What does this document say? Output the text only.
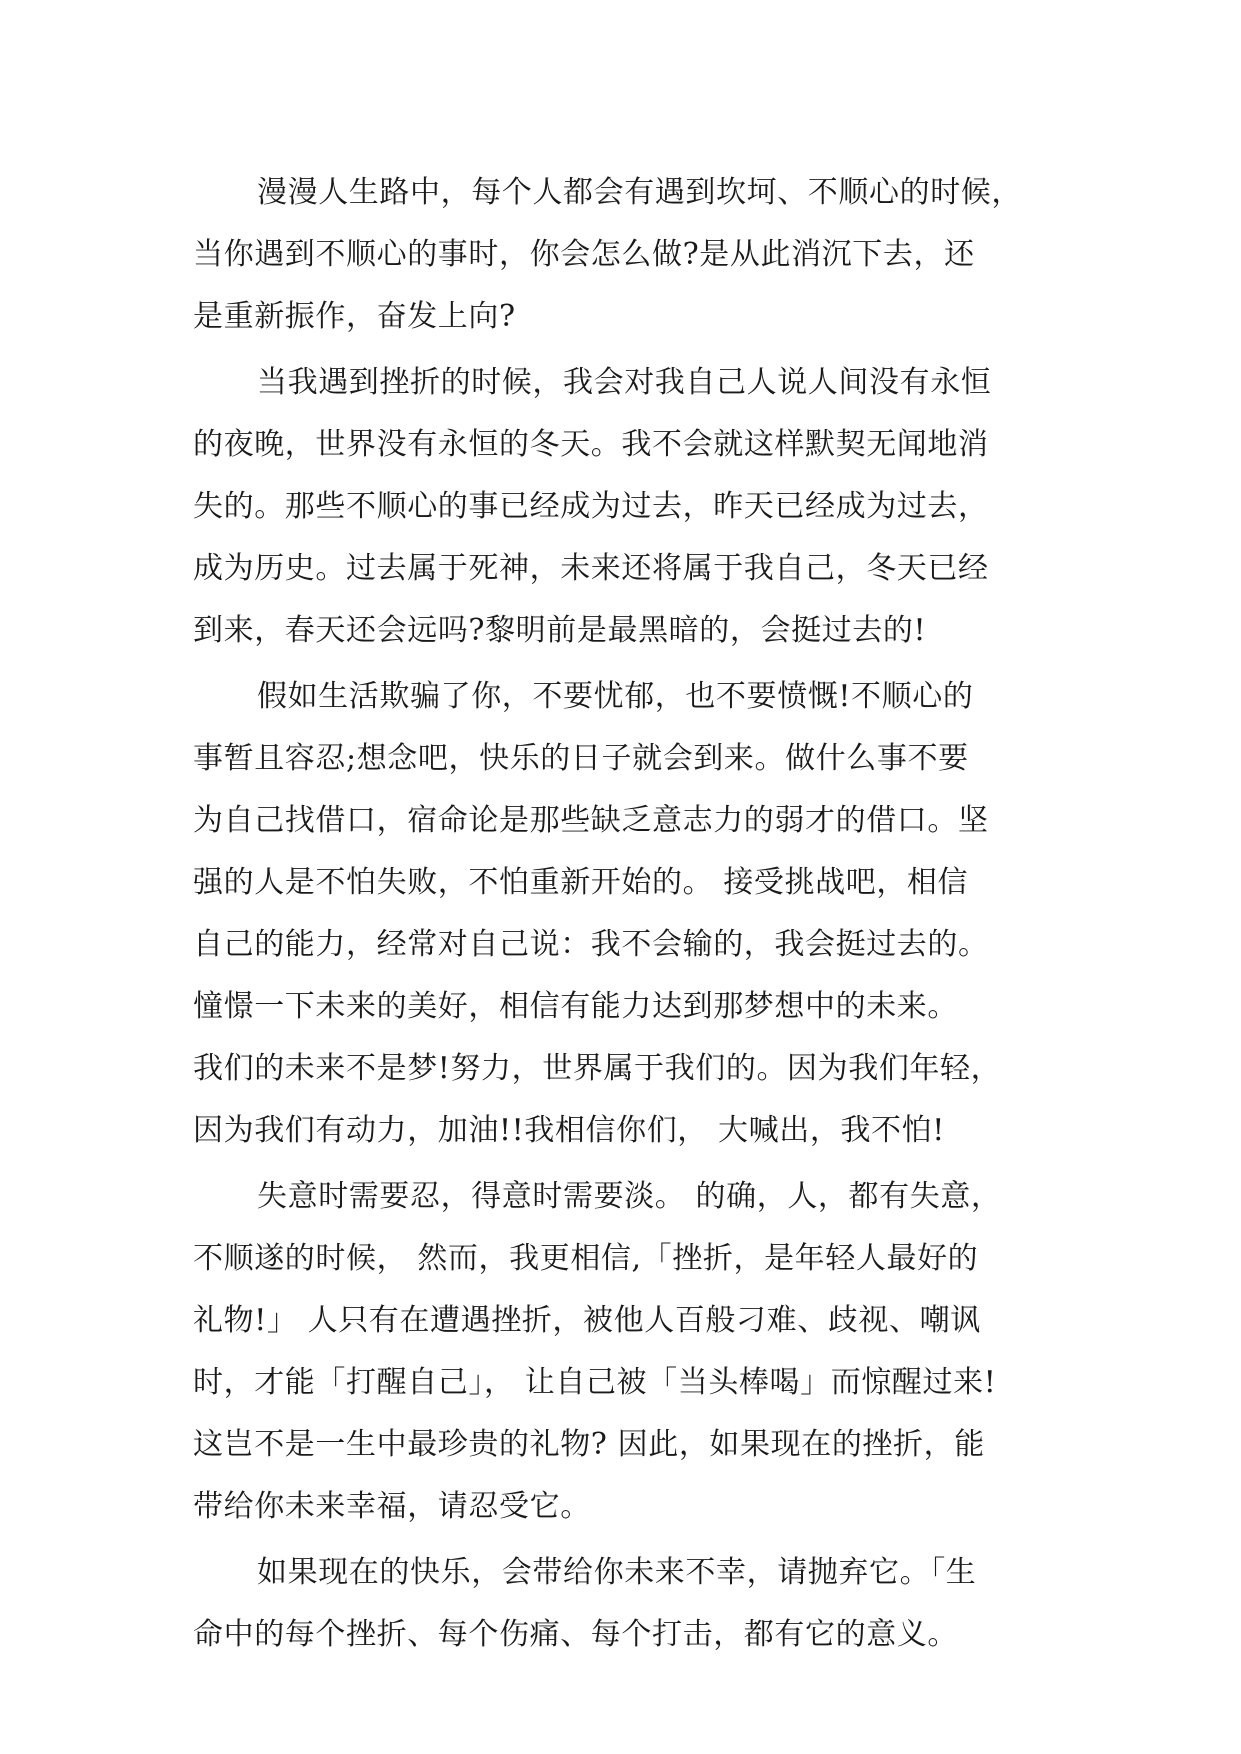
漫漫人生路中，每个人都会有遇到坎坷、不顺心的时候，
当你遇到不顺心的事时，你会怎么做?是从此消沉下去，还
是重新振作，奋发上向?
当我遇到挫折的时候，我会对我自己人说人间没有永恒
的夜晚，世界没有永恒的冬天。我不会就这样默契无闻地消
失的。那些不顺心的事已经成为过去，昨天已经成为过去，
成为历史。过去属于死神，未来还将属于我自己，冬天已经
到来，春天还会远吗?黎明前是最黑暗的，会挺过去的!
假如生活欺骗了你，不要忧郁，也不要愤慨!不顺心的
事暂且容忍;想念吧，快乐的日子就会到来。做什么事不要
为自己找借口，宿命论是那些缺乏意志力的弱才的借口。坚
强的人是不怕失败，不怕重新开始的。 接受挑战吧，相信
自己的能力，经常对自己说：我不会输的，我会挺过去的。
憧憬一下未来的美好，相信有能力达到那梦想中的未来。
我们的未来不是梦!努力，世界属于我们的。因为我们年轻，
因为我们有动力，加油!!我相信你们， 大喊出，我不怕!
失意时需要忍，得意时需要淡。 的确，人，都有失意，
不顺遂的时候， 然而，我更相信,「挫折，是年轻人最好的
礼物!」 人只有在遭遇挫折，被他人百般刁难、歧视、嘲讽
时，才能「打醒自己」， 让自己被「当头棒喝」而惊醒过来!
这岂不是一生中最珍贵的礼物? 因此，如果现在的挫折，能
带给你未来幸福，请忍受它。
如果现在的快乐，会带给你未来不幸，请抛弃它。「生
命中的每个挫折、每个伤痛、每个打击，都有它的意义。
